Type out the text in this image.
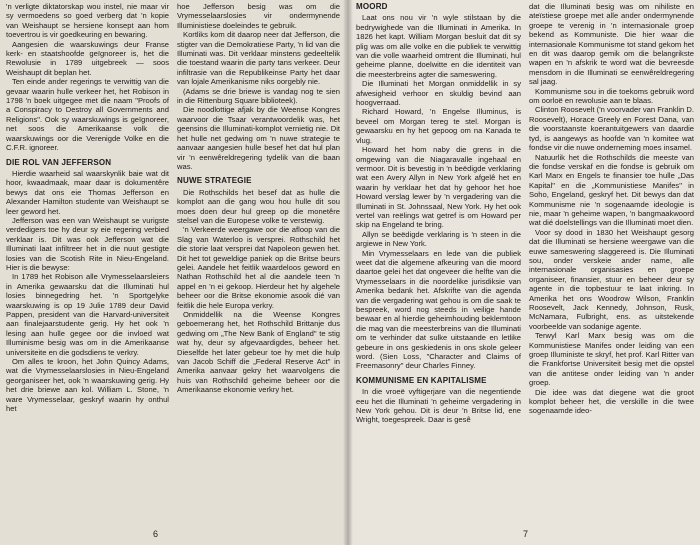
'n verligte diktatorskap wou instel, nie maar vir sy vermoedens so goed verberg dat 'n kopie van Weishaupt se hersiene konsept aan hom toevertrou is vir goedkeuring en bewaring.

Aangesien die waarskuwings deur Franse kerk- en staatshoofde geïgnoreer is, het die Rewolusie in 1789 uitgebreek — soos Weishaupt dit beplan het.

Ten einde ander regerings te verwittig van die gevaar waarin hulle verkeer het, het Robison in 1798 'n boek uitgegee met die naam "Proofs of a Conspiracy to Destroy all Governments and Religions". Ook sy waarskuwings is geïgnoreer, net soos die Amerikaanse volk die waarskuwings oor die Verenigde Volke en die C.F.R. ignoreer.

DIE ROL VAN JEFFERSON

Hierdie waarheid sal waarskynlik baie wat dit hoor, kwaadmaak, maar daar is dokumentêre bewys dat ons eie Thomas Jefferson en Alexander Hamilton studente van Weishaupt se leer geword het.

Jefferson was een van Weishaupt se vurigste verdedigers toe hy deur sy eie regering verbied verklaar is. Dit was ook Jefferson wat die Illuminati laat infiltreer het in die nuut gestigte losies van die Scotish Rite in Nieu-Engeland. Hier is die bewyse:

In 1789 het Robison alle Vrymesselaarsleiers in Amerika gewaarsku dat die Illuminati hul losies binnegedring het. 'n Sportgelyke waarskuwing is op 19 Julie 1789 deur David Pappen, president van die Harvard-universiteit aan finalejaarstudente gerig. Hy het ook 'n lesing aan hulle gegee oor die invloed wat Illuminisme besig was om in die Amerikaanse universiteite en die godsdiens te verkry.

Om alles te kroon, het John Quincy Adams, wat die Vrymesselaarslosies in Nieu-Engeland georganiseer het, ook 'n waarskuwing gerig. Hy het drie briewe aan kol. William L. Stone, 'n ware Vrymesselaar, geskryf waarin hy onthul het

hoe Jefferson besig was om die Vrymesselaarslosies vir ondermynende Illuministiese doeleindes te gebruik.

Kortliks kom dit daarop neer dat Jefferson, die stigter van die Demokratiese Party, 'n lid van die Illuminati was. Dit verklaar minstens gedeeltelik die toestand waarin die party tans verkeer. Deur infiltrasie van die Republikeinse Party het daar van lojale Amerikanisme niks oorgebly nie.

(Adams se drie briewe is vandag nog te sien in die Rittenburg Square biblioteek).

Die noodlottige afjak by die Weense Kongres waarvoor die Tsaar verantwoordelik was, het geensins die Illuminati-komplot vernietig nie. Dit het hulle net gedwing om 'n nuwe strategie te aanvaar aangesien hulle besef het dat hul plan vir 'n eenwêreldregering tydelik van die baan was.

NUWE STRATEGIE

Die Rothschilds het besef dat as hulle die komplot aan die gang wou hou hulle dit sou moes doen deur hul greep op die monetêre stelsel van die Europese volke te verstewig.

'n Verkeerde weergawe oor die afloop van die Slag van Waterloo is versprei. Rothschild het die storie laat versprei dat Napoleon gewen het. Dit het tot geweldige paniek op die Britse beurs gelei. Aandele het feitlik waardeloos geword en Nathan Rothschild het al die aandele teen 'n appel en 'n ei gekoop. Hierdeur het hy algehele beheer oor die Britse ekonomie asook dié van feitlik die hele Europa verkry.

Onmiddellik na die Weense Kongres geboemerang het, het Rothschild Brittanje dus gedwing om „The New Bank of England" te stig wat hy, deur sy afgevaardigdes, beheer het. Dieselfde het later gebeur toe hy met die hulp van Jacob Schiff die „Federal Reserve Act" in Amerika aanvaar gekry het waarvolgens die huis van Rothschild geheime beheer oor die Amerikaanse ekonomie verkry het.

6
MOORD

Laat ons nou vir 'n wyle stilstaan by die bedrywighede van die Illuminati in Amerika. In 1826 het kapt. William Morgan besluit dat dit sy plig was om alle volke en die publiek te verwittig van die volle waarheid omtrent die Illuminati, hul geheime planne, doelwitte en die identiteit van die meesterbreins agter die sameswering.

Die Illuminati het Morgan onmiddellik in sy afwesigheid verhoor en skuldig bevind aan hoogverraad.

Richard Howard, 'n Engelse Illuminus, is beveel om Morgan tereg te stel. Morgan is gewaarsku en hy het gepoog om na Kanada te vlug.

Howard het hom naby die grens in die omgewing van die Niagaravalle ingehaal en vermoor. Dit is bevestig in 'n beëdigde verklaring wat een Avery Allyn in New York afgelê het en waarin hy verklaar het dat hy gehoor het hoe Howard verslag lewer by 'n vergadering van die Illuminati in St. Johnssaal, New York. Hy het ook vertel van reëlings wat getref is om Howard per skip na Engeland te bring.

Allyn se beëdigde verklaring is 'n steen in die argiewe in New York.

Min Vrymesselaars en lede van die publiek weet dat die algemene afkeuring van die moord daartoe gelei het dat ongeveer die helfte van die Vrymesselaars in die noordelike jurisdiksie van Amerika bedank het. Afskrifte van die agenda van die vergadering wat gehou is om die saak te bespreek, word nog steeds in veilige hande bewaar en al hierdie geheimhouding beklemtoon die mag van die meesterbreins van die Illuminati om te verhinder dat sulke uitstaande en letlike gebeure in ons geskiedenis in ons skole geleer word. (Sien Loss, "Character and Claims of Freemasonry" deur Charles Finney.

KOMMUNISME EN KAPITALISME

In die vroeë vyftigerjare van die negentiende eeu het die Illuminati 'n geheime vergadering in New York gehou. Dit is deur 'n Britse lid, ene Wright, toegespreek. Daar is gesê

dat die Illuminati besig was om nihiliste en ateïstiese groepe met alle ander ondermynende groepe te verenig in 'n internasionale groep bekend as Kommuniste. Die hier waar die internasionale Kommunisme tot stand gekom het en dit was daarop gemik om die belangrikste wapen en 'n afskrik te word wat die bevreesde mensdom in die Illuminati se eenwêreldregering sal jaag.

Kommunisme sou in die toekoms gebruik word om oorloë en rewolusie aan te blaas.

Clinton Roosevelt ('n voorvader van Franklin D. Roosevelt), Horace Greely en Forest Dana, van die voorstaanste koerantuitgewers van daardie tyd, is aangewys as hoofde van 'n komitee wat fondse vir die nuwe onderneming moes insamel.

Natuurlik het die Rothschilds die meeste van die fondse verskaf en die fondse is gebruik om Karl Marx en Engels te finansier toe hulle „Das Kapital" en die „Kommunistiese Manifes" in Soho, Engeland, geskryf het. Dit bewys dan dat Kommunisme nie 'n sogenaamde ideologie is nie, maar 'n geheime wapen, 'n bangmaakwoord wat dié doelstellings van die Illuminati moet dien.

Voor sy dood in 1830 het Weishaupt gesorg dat die Illuminati se hersiene weergawe van die euwe sameswering slaggereed is. Die Illuminati sou, onder verskeie ander name, alle internasionale organisasies en groepe organiseer, finansier, stuur en beheer deur sy agente in die topbestuur te laat inkring. In Amerika het ons Woodrow Wilson, Franklin Roosevelt, Jack Kennedy, Johnson, Rusk, McNamara, Fulbright, ens. as uitstekende voorbeelde van sodanige agente.

Terwyl Karl Marx besig was om die Kommunistiese Manifes onder leiding van een groep Illuministe te skryf, het prof. Karl Ritter van die Frankfortse Universiteit besig met die opstel van die antitese onder leiding van 'n ander groep.

Die idee was dat diegene wat die groot komplot beheer het, die verskille in die twee sogenaamde ideo-

7
